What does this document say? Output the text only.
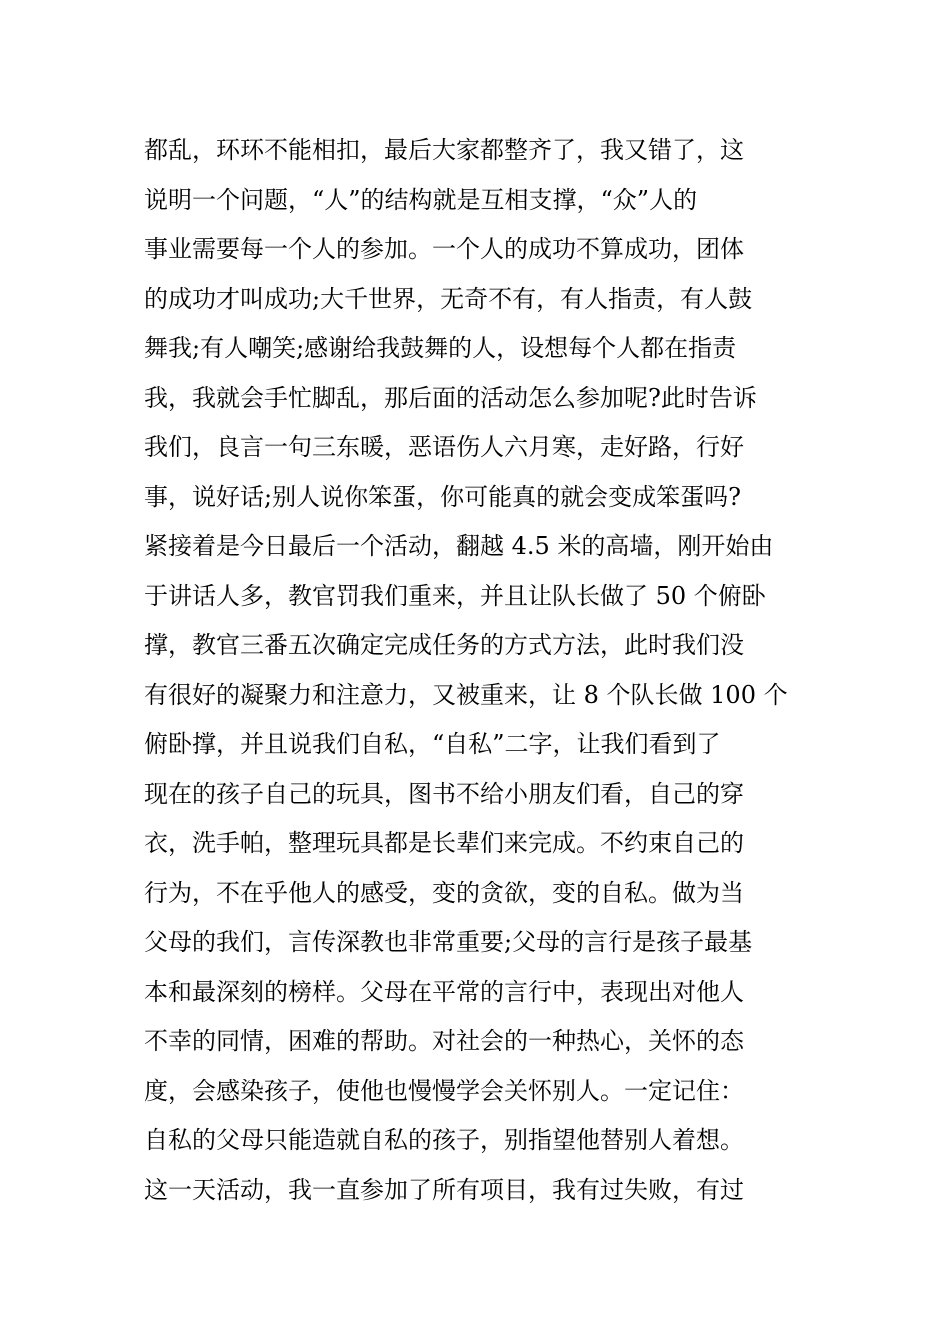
都乱，环环不能相扣，最后大家都整齐了，我又错了，这
说明一个问题，“人”的结构就是互相支撑，“众”人的
事业需要每一个人的参加。一个人的成功不算成功，团体
的成功才叫成功;大千世界，无奇不有，有人指责，有人鼓
舞我;有人嘲笑;感谢给我鼓舞的人，设想每个人都在指责
我，我就会手忙脚乱，那后面的活动怎么参加呢?此时告诉
我们，良言一句三东暖，恶语伤人六月寒，走好路，行好
事，说好话;别人说你笨蛋，你可能真的就会变成笨蛋吗?
紧接着是今日最后一个活动，翻越 4.5 米的高墙，刚开始由
于讲话人多，教官罚我们重来，并且让队长做了 50 个俯卧
撑，教官三番五次确定完成任务的方式方法，此时我们没
有很好的凝聚力和注意力，又被重来，让 8 个队长做 100 个
俯卧撑，并且说我们自私，“自私”二字，让我们看到了
现在的孩子自己的玩具，图书不给小朋友们看，自己的穿
衣，洗手帕，整理玩具都是长辈们来完成。不约束自己的
行为，不在乎他人的感受，变的贪欲，变的自私。做为当
父母的我们，言传深教也非常重要;父母的言行是孩子最基
本和最深刻的榜样。父母在平常的言行中，表现出对他人
不幸的同情，困难的帮助。对社会的一种热心，关怀的态
度，会感染孩子，使他也慢慢学会关怀别人。一定记住：
自私的父母只能造就自私的孩子，别指望他替别人着想。
这一天活动，我一直参加了所有项目，我有过失败，有过
